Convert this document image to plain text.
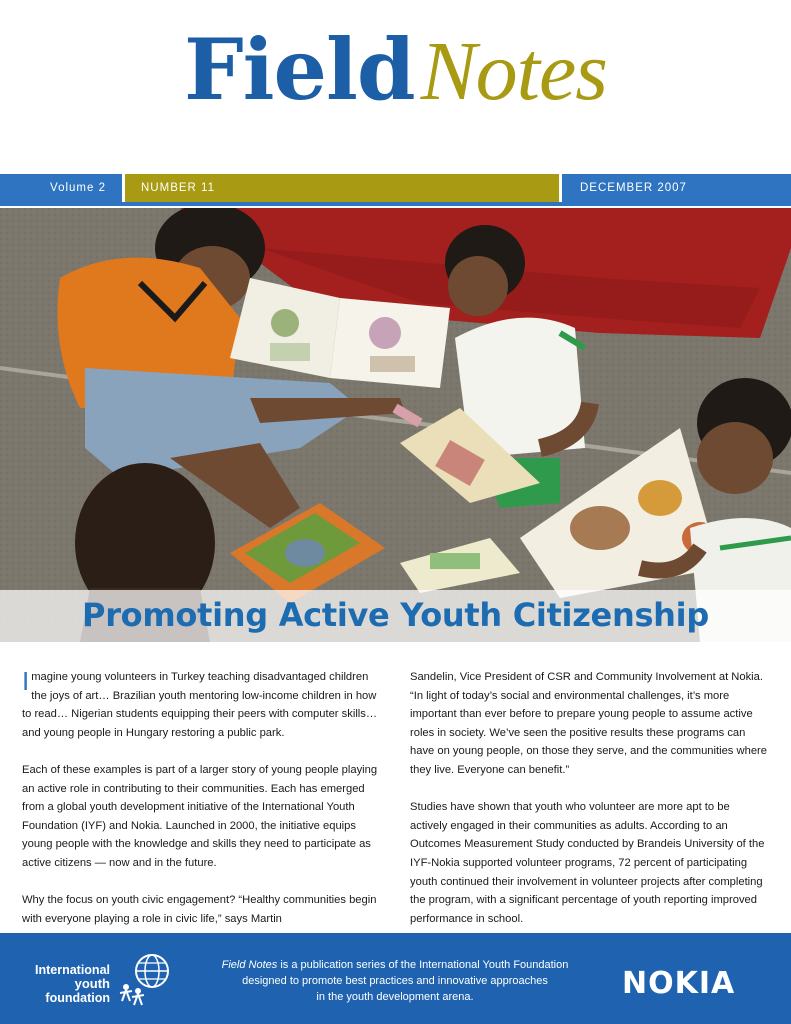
FieldNotes
Volume 2	NUMBER 11	DECEMBER 2007
Promoting Active Youth Citizenship

Imagine young volunteers in Turkey teaching disadvantaged children the joys of art… Brazilian youth mentoring low-income children in how to read… Nigerian students equipping their peers with computer skills… and young people in Hungary restoring a public park.

Each of these examples is part of a larger story of young people playing an active role in contributing to their communities. Each has emerged from a global youth development initiative of the International Youth Foundation (IYF) and Nokia. Launched in 2000, the initiative equips young people with the knowledge and skills they need to participate as active citizens — now and in the future.

Why the focus on youth civic engagement? “Healthy communities begin with everyone playing a role in civic life,” says Martin

Sandelin, Vice President of CSR and Community Involvement at Nokia. “In light of today’s social and environmental challenges, it’s more important than ever before to prepare young people to assume active roles in society. We’ve seen the positive results these programs can have on young people, on those they serve, and the communities where they live. Everyone can benefit.”

Studies have shown that youth who volunteer are more apt to be actively engaged in their communities as adults. According to an Outcomes Measurement Study conducted by Brandeis University of the IYF-Nokia supported volunteer programs, 72 percent of participating youth continued their involvement in volunteer projects after completing the program, with a significant percentage of youth reporting improved performance in school.

International
youth
foundation
Field Notes is a publication series of the International Youth Foundation
designed to promote best practices and innovative approaches
in the youth development arena.	NOKIA
